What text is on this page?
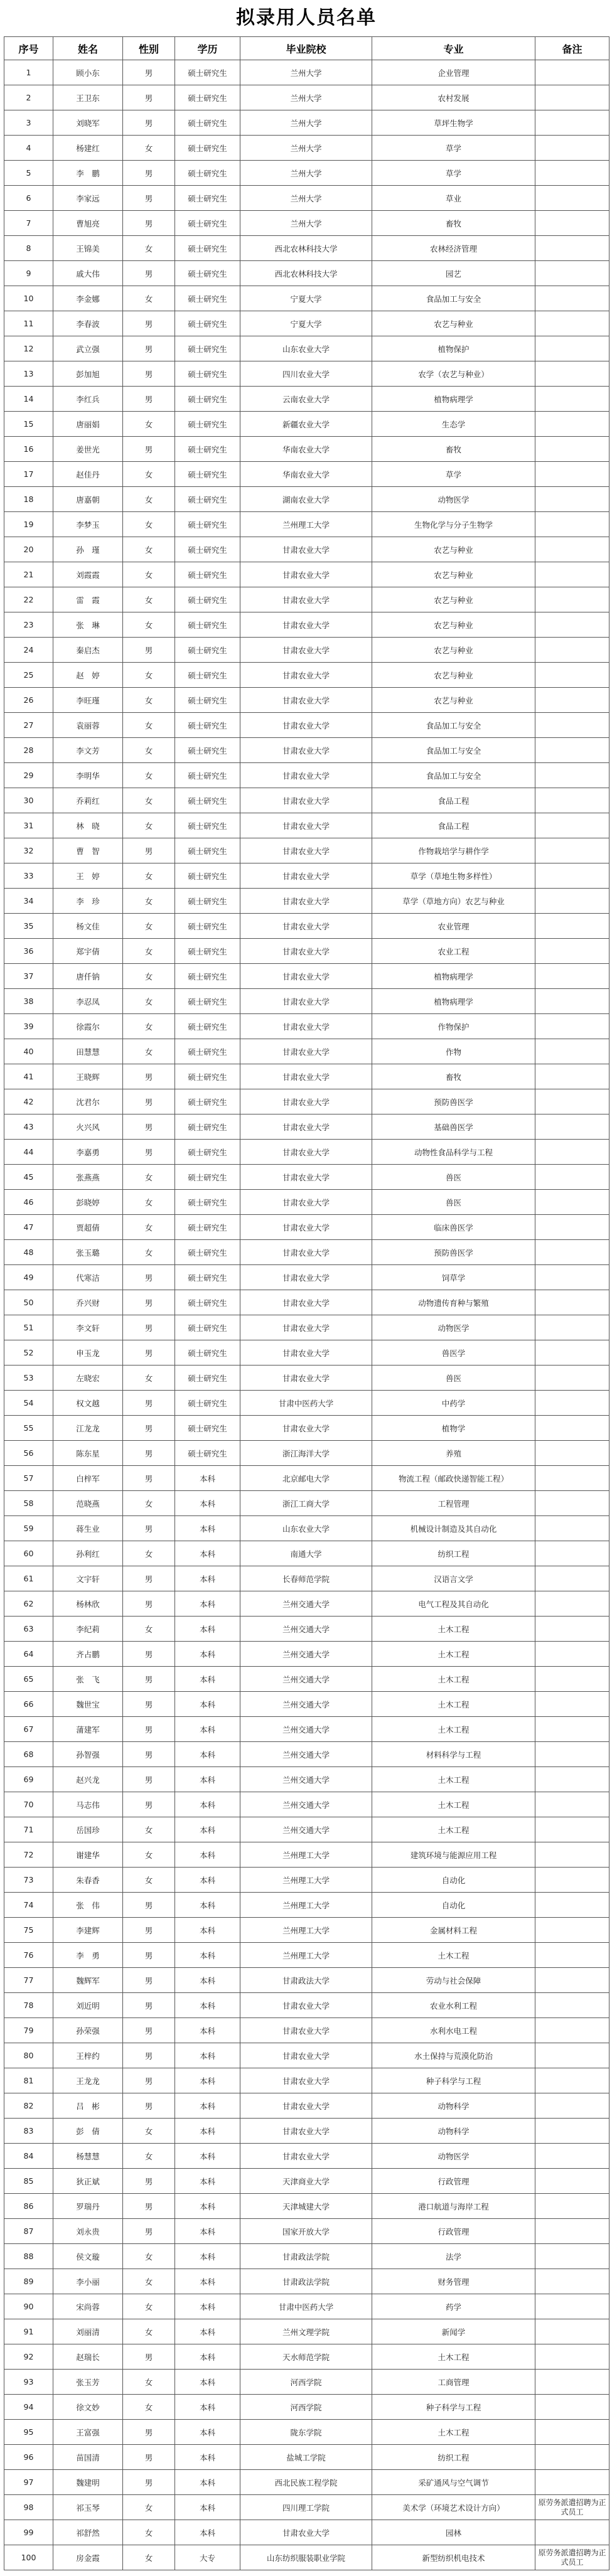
拟录用人员名单
序号	姓名	性别	学历	毕业院校	专业	备注
1	顾小东	男	硕士研究生	兰州大学	企业管理	
2	王卫东	男	硕士研究生	兰州大学	农村发展	
3	刘晓军	男	硕士研究生	兰州大学	草坪生物学	
4	杨建红	女	硕士研究生	兰州大学	草学	
5	李　鹏	男	硕士研究生	兰州大学	草学	
6	李家远	男	硕士研究生	兰州大学	草业	
7	曹旭亮	男	硕士研究生	兰州大学	畜牧	
8	王锦美	女	硕士研究生	西北农林科技大学	农林经济管理	
9	戚大伟	男	硕士研究生	西北农林科技大学	园艺	
10	李金娜	女	硕士研究生	宁夏大学	食品加工与安全	
11	李春波	男	硕士研究生	宁夏大学	农艺与种业	
12	武立强	男	硕士研究生	山东农业大学	植物保护	
13	彭加旭	男	硕士研究生	四川农业大学	农学（农艺与种业）	
14	李红兵	男	硕士研究生	云南农业大学	植物病理学	
15	唐丽娟	女	硕士研究生	新疆农业大学	生态学	
16	姜世光	男	硕士研究生	华南农业大学	畜牧	
17	赵佳丹	女	硕士研究生	华南农业大学	草学	
18	唐嘉朝	女	硕士研究生	湖南农业大学	动物医学	
19	李梦玉	女	硕士研究生	兰州理工大学	生物化学与分子生物学	
20	孙　瑾	女	硕士研究生	甘肃农业大学	农艺与种业	
21	刘霞霞	女	硕士研究生	甘肃农业大学	农艺与种业	
22	雷　霞	女	硕士研究生	甘肃农业大学	农艺与种业	
23	张　琳	女	硕士研究生	甘肃农业大学	农艺与种业	
24	秦启杰	男	硕士研究生	甘肃农业大学	农艺与种业	
25	赵　婷	女	硕士研究生	甘肃农业大学	农艺与种业	
26	李旺瑾	女	硕士研究生	甘肃农业大学	农艺与种业	
27	袁丽蓉	女	硕士研究生	甘肃农业大学	食品加工与安全	
28	李文芳	女	硕士研究生	甘肃农业大学	食品加工与安全	
29	李明华	女	硕士研究生	甘肃农业大学	食品加工与安全	
30	乔莉红	女	硕士研究生	甘肃农业大学	食品工程	
31	林　晓	女	硕士研究生	甘肃农业大学	食品工程	
32	曹　智	男	硕士研究生	甘肃农业大学	作物栽培学与耕作学	
33	王　婷	女	硕士研究生	甘肃农业大学	草学（草地生物多样性）	
34	李　珍	女	硕士研究生	甘肃农业大学	草学（草地方向）农艺与种业	
35	杨文佳	女	硕士研究生	甘肃农业大学	农业管理	
36	郑宇倩	女	硕士研究生	甘肃农业大学	农业工程	
37	唐仟钠	女	硕士研究生	甘肃农业大学	植物病理学	
38	李忍凤	女	硕士研究生	甘肃农业大学	植物病理学	
39	徐霞尔	女	硕士研究生	甘肃农业大学	作物保护	
40	田慧慧	女	硕士研究生	甘肃农业大学	作物	
41	王晓辉	男	硕士研究生	甘肃农业大学	畜牧	
42	沈君尔	男	硕士研究生	甘肃农业大学	预防兽医学	
43	火兴风	男	硕士研究生	甘肃农业大学	基础兽医学	
44	李嘉勇	男	硕士研究生	甘肃农业大学	动物性食品科学与工程	
45	张燕燕	女	硕士研究生	甘肃农业大学	兽医	
46	彭晓婷	女	硕士研究生	甘肃农业大学	兽医	
47	贾超倩	女	硕士研究生	甘肃农业大学	临床兽医学	
48	张玉璐	女	硕士研究生	甘肃农业大学	预防兽医学	
49	代寒洁	男	硕士研究生	甘肃农业大学	饲草学	
50	乔兴财	男	硕士研究生	甘肃农业大学	动物遗传育种与繁殖	
51	李文轩	男	硕士研究生	甘肃农业大学	动物医学	
52	申玉龙	男	硕士研究生	甘肃农业大学	兽医学	
53	左晓宏	女	硕士研究生	甘肃农业大学	兽医	
54	权文越	男	硕士研究生	甘肃中医药大学	中药学	
55	江龙龙	男	硕士研究生	甘肃农业大学	植物学	
56	陈东星	男	硕士研究生	浙江海洋大学	养殖	
57	白梓军	男	本科	北京邮电大学	物流工程（邮政快递智能工程）	
58	范晓燕	女	本科	浙江工商大学	工程管理	
59	蒋生业	男	本科	山东农业大学	机械设计制造及其自动化	
60	孙利红	女	本科	南通大学	纺织工程	
61	文宇轩	男	本科	长春师范学院	汉语言文学	
62	杨林欣	男	本科	兰州交通大学	电气工程及其自动化	
63	李纪莉	女	本科	兰州交通大学	土木工程	
64	齐占鹏	男	本科	兰州交通大学	土木工程	
65	张　飞	男	本科	兰州交通大学	土木工程	
66	魏世宝	男	本科	兰州交通大学	土木工程	
67	蒲建军	男	本科	兰州交通大学	土木工程	
68	孙智强	男	本科	兰州交通大学	材料科学与工程	
69	赵兴龙	男	本科	兰州交通大学	土木工程	
70	马志伟	男	本科	兰州交通大学	土木工程	
71	岳国珍	女	本科	兰州交通大学	土木工程	
72	谢建华	女	本科	兰州理工大学	建筑环境与能源应用工程	
73	朱春香	女	本科	兰州理工大学	自动化	
74	张　伟	男	本科	兰州理工大学	自动化	
75	李建辉	男	本科	兰州理工大学	金属材料工程	
76	李　勇	男	本科	兰州理工大学	土木工程	
77	魏辉军	男	本科	甘肃政法大学	劳动与社会保障	
78	刘近明	男	本科	甘肃农业大学	农业水利工程	
79	孙荣强	男	本科	甘肃农业大学	水利水电工程	
80	王梓约	男	本科	甘肃农业大学	水土保持与荒漠化防治	
81	王龙龙	男	本科	甘肃农业大学	种子科学与工程	
82	吕　彬	男	本科	甘肃农业大学	动物科学	
83	彭　倩	女	本科	甘肃农业大学	动物科学	
84	杨慧慧	女	本科	甘肃农业大学	动物医学	
85	狄正斌	男	本科	天津商业大学	行政管理	
86	罗瑞丹	男	本科	天津城建大学	港口航道与海岸工程	
87	刘永贵	男	本科	国家开放大学	行政管理	
88	侯文璇	女	本科	甘肃政法学院	法学	
89	李小丽	女	本科	甘肃政法学院	财务管理	
90	宋尚蓉	女	本科	甘肃中医药大学	药学	
91	刘丽清	女	本科	兰州文理学院	新闻学	
92	赵瑞长	男	本科	天水师范学院	土木工程	
93	张玉芳	女	本科	河西学院	工商管理	
94	徐文妙	女	本科	河西学院	种子科学与工程	
95	王富强	男	本科	陇东学院	土木工程	
96	苗国清	男	本科	盐城工学院	纺织工程	
97	魏建明	男	本科	西北民族工程学院	采矿通风与空气调节	
98	祁玉琴	女	本科	四川理工学院	美术学（环境艺术设计方向）	原劳务派遣招聘为正式员工
99	祁舒然	女	本科	甘肃农业大学	园林	
100	房金霞	女	大专	山东纺织服装职业学院	新型纺织机电技术	原劳务派遣招聘为正式员工
